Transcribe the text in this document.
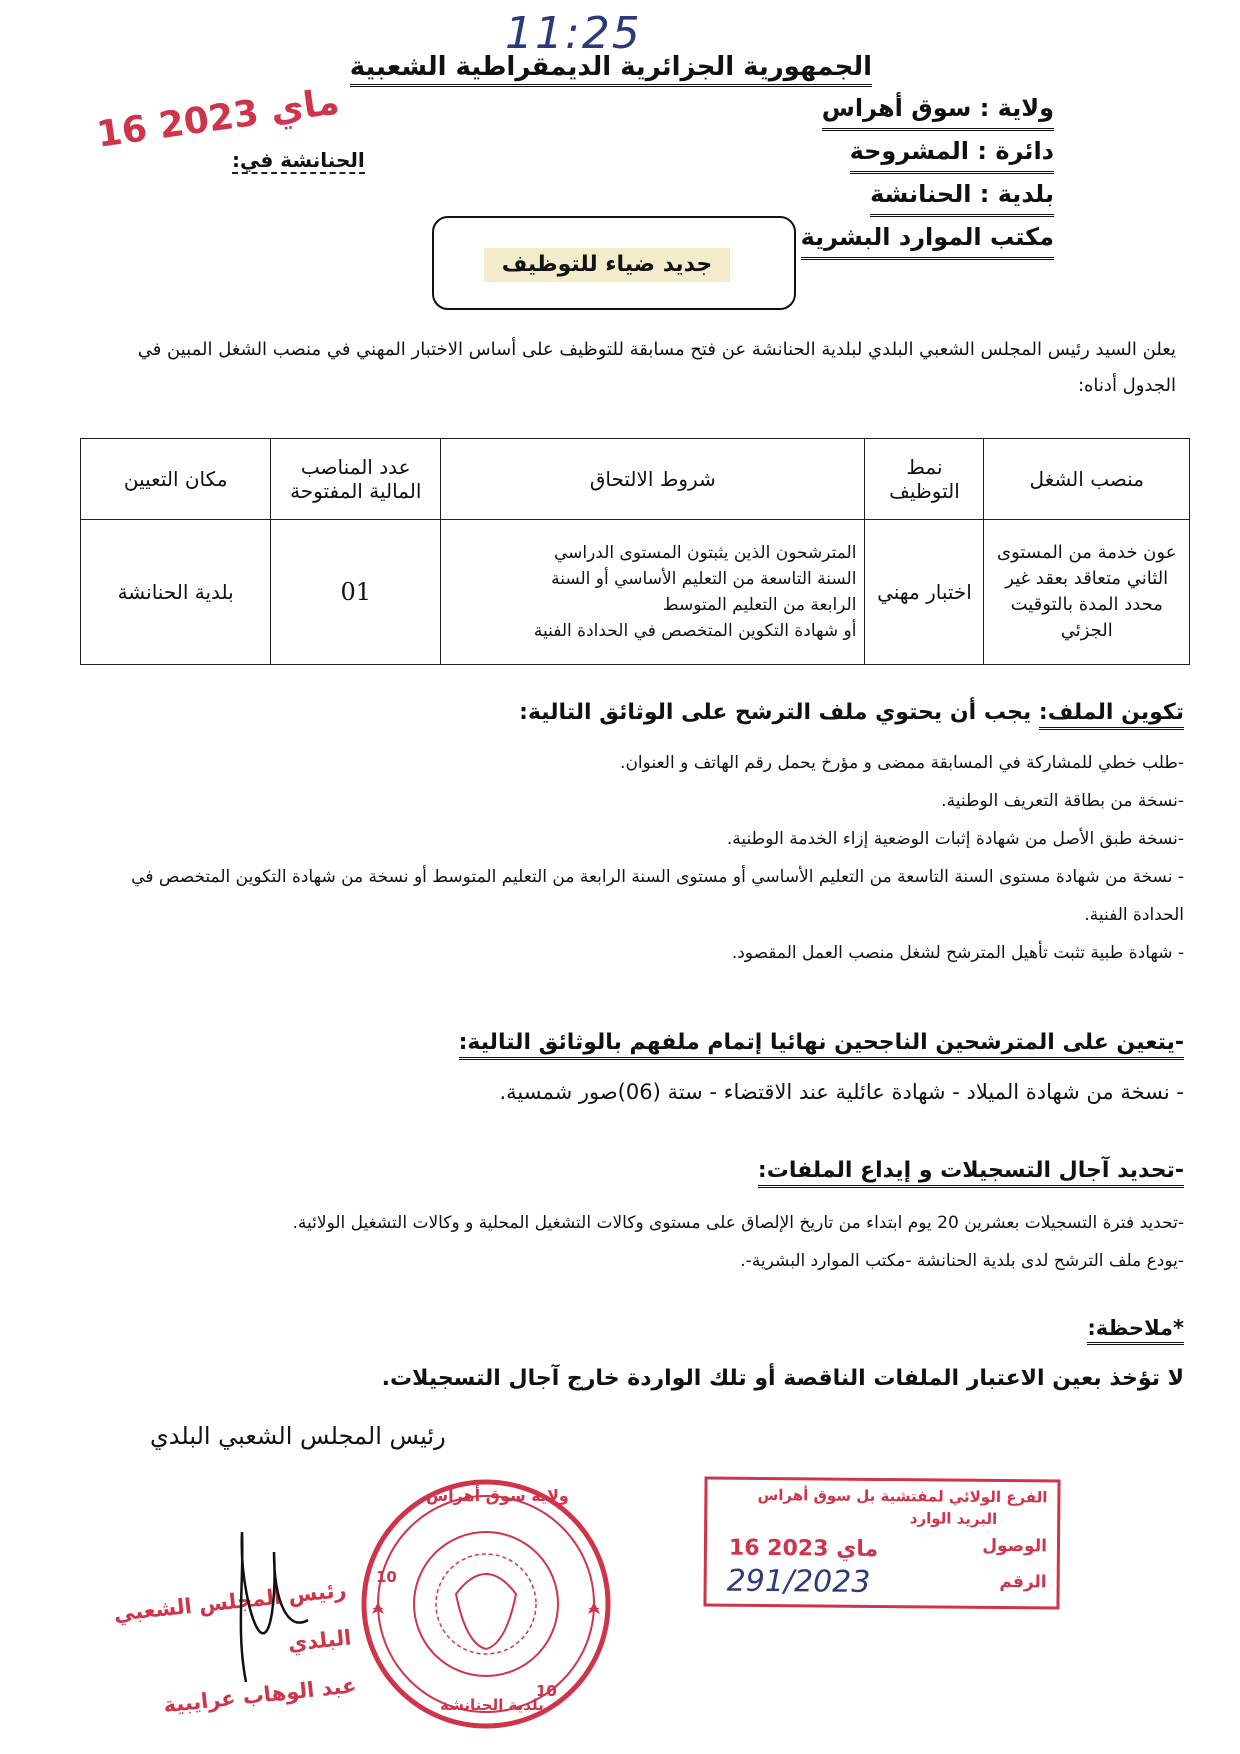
11:25
الجمهورية الجزائرية الديمقراطية الشعبية
ولاية : سوق أهراس
دائرة : المشروحة
بلدية : الحنانشة
مكتب الموارد البشرية
16 ماي 2023
الحنانشة في:
جديد ضياء للتوظيف
يعلن السيد رئيس المجلس الشعبي البلدي لبلدية الحنانشة عن فتح مسابقة للتوظيف على أساس الاختبار المهني في منصب الشغل المبين في الجدول أدناه:
منصب الشغل	نمط التوظيف	شروط الالتحاق	عدد المناصب المالية المفتوحة	مكان التعيين
عون خدمة من المستوى الثاني متعاقد بعقد غير محدد المدة بالتوقيت الجزئي	اختبار مهني	المترشحون الذين يثبتون المستوى الدراسي
السنة التاسعة من التعليم الأساسي أو السنة
الرابعة من التعليم المتوسط
أو شهادة التكوين المتخصص في الحدادة الفنية	01	بلدية الحنانشة
تكوين الملف: يجب أن يحتوي ملف الترشح على الوثائق التالية:
-طلب خطي للمشاركة في المسابقة ممضى و مؤرخ يحمل رقم الهاتف و العنوان.
-نسخة من بطاقة التعريف الوطنية.
-نسخة طبق الأصل من شهادة إثبات الوضعية إزاء الخدمة الوطنية.
- نسخة من شهادة مستوى السنة التاسعة من التعليم الأساسي أو مستوى السنة الرابعة من التعليم المتوسط أو نسخة من شهادة التكوين المتخصص في الحدادة الفنية.
- شهادة طبية تثبت تأهيل المترشح لشغل منصب العمل المقصود.
-يتعين على المترشحين الناجحين نهائيا إتمام ملفهم بالوثائق التالية:
- نسخة من شهادة الميلاد - شهادة عائلية عند الاقتضاء - ستة (06)صور شمسية.
-تحديد آجال التسجيلات و إيداع الملفات:
-تحديد فترة التسجيلات بعشرين 20 يوم ابتداء من تاريخ الإلصاق على مستوى وكالات التشغيل المحلية و وكالات التشغيل الولائية.
-يودع ملف الترشح لدى بلدية الحنانشة -مكتب الموارد البشرية-.
*ملاحظة:
لا تؤخذ بعين الاعتبار الملفات الناقصة أو تلك الواردة خارج آجال التسجيلات.
رئيس المجلس الشعبي البلدي
ولاية سوق أهراس
بلدية الحنانشة
10
10
رئيس المجلس الشعبي البلدي
عبد الوهاب عرايبية
الفرع الولائي لمفتشية بل سوق أهراس
البريد الوارد
الوصول
الرقم
16 ماي 2023
291/2023
